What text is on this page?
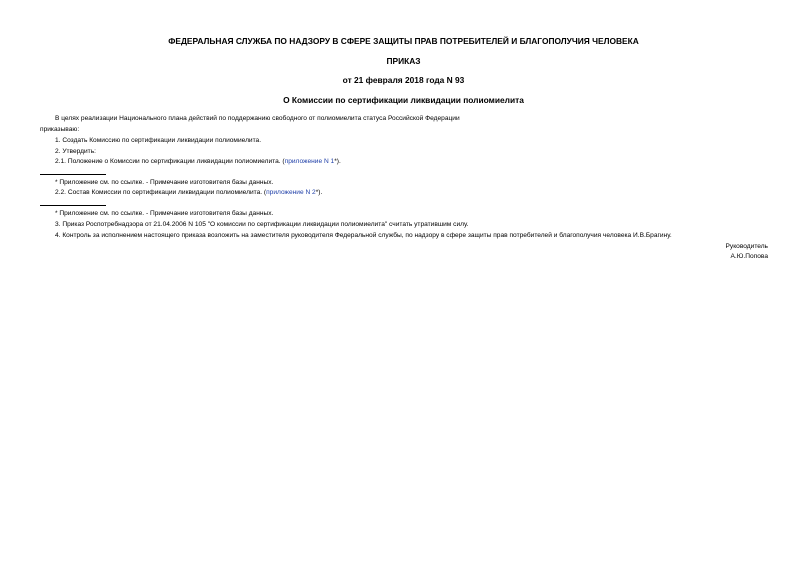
ФЕДЕРАЛЬНАЯ СЛУЖБА ПО НАДЗОРУ В СФЕРЕ ЗАЩИТЫ ПРАВ ПОТРЕБИТЕЛЕЙ И БЛАГОПОЛУЧИЯ ЧЕЛОВЕКА
ПРИКАЗ
от 21 февраля 2018 года N 93
О Комиссии по сертификации ликвидации полиомиелита
В целях реализации Национального плана действий по поддержанию свободного от полиомиелита статуса Российской Федерации
приказываю:
1. Создать Комиссию по сертификации ликвидации полиомиелита.
2. Утвердить:
2.1. Положение о Комиссии по сертификации ликвидации полиомиелита. (приложение N 1*).
* Приложение см. по ссылке. - Примечание изготовителя базы данных.
2.2. Состав Комиссии по сертификации ликвидации полиомиелита. (приложение N 2*).
* Приложение см. по ссылке. - Примечание изготовителя базы данных.
3. Приказ Роспотребнадзора от 21.04.2006 N 105 "О комиссии по сертификации ликвидации полиомиелита" считать утратившим силу.
4. Контроль за исполнением настоящего приказа возложить на заместителя руководителя Федеральной службы, по надзору в сфере защиты прав потребителей и благополучия человека И.В.Брагину.
Руководитель
А.Ю.Попова
